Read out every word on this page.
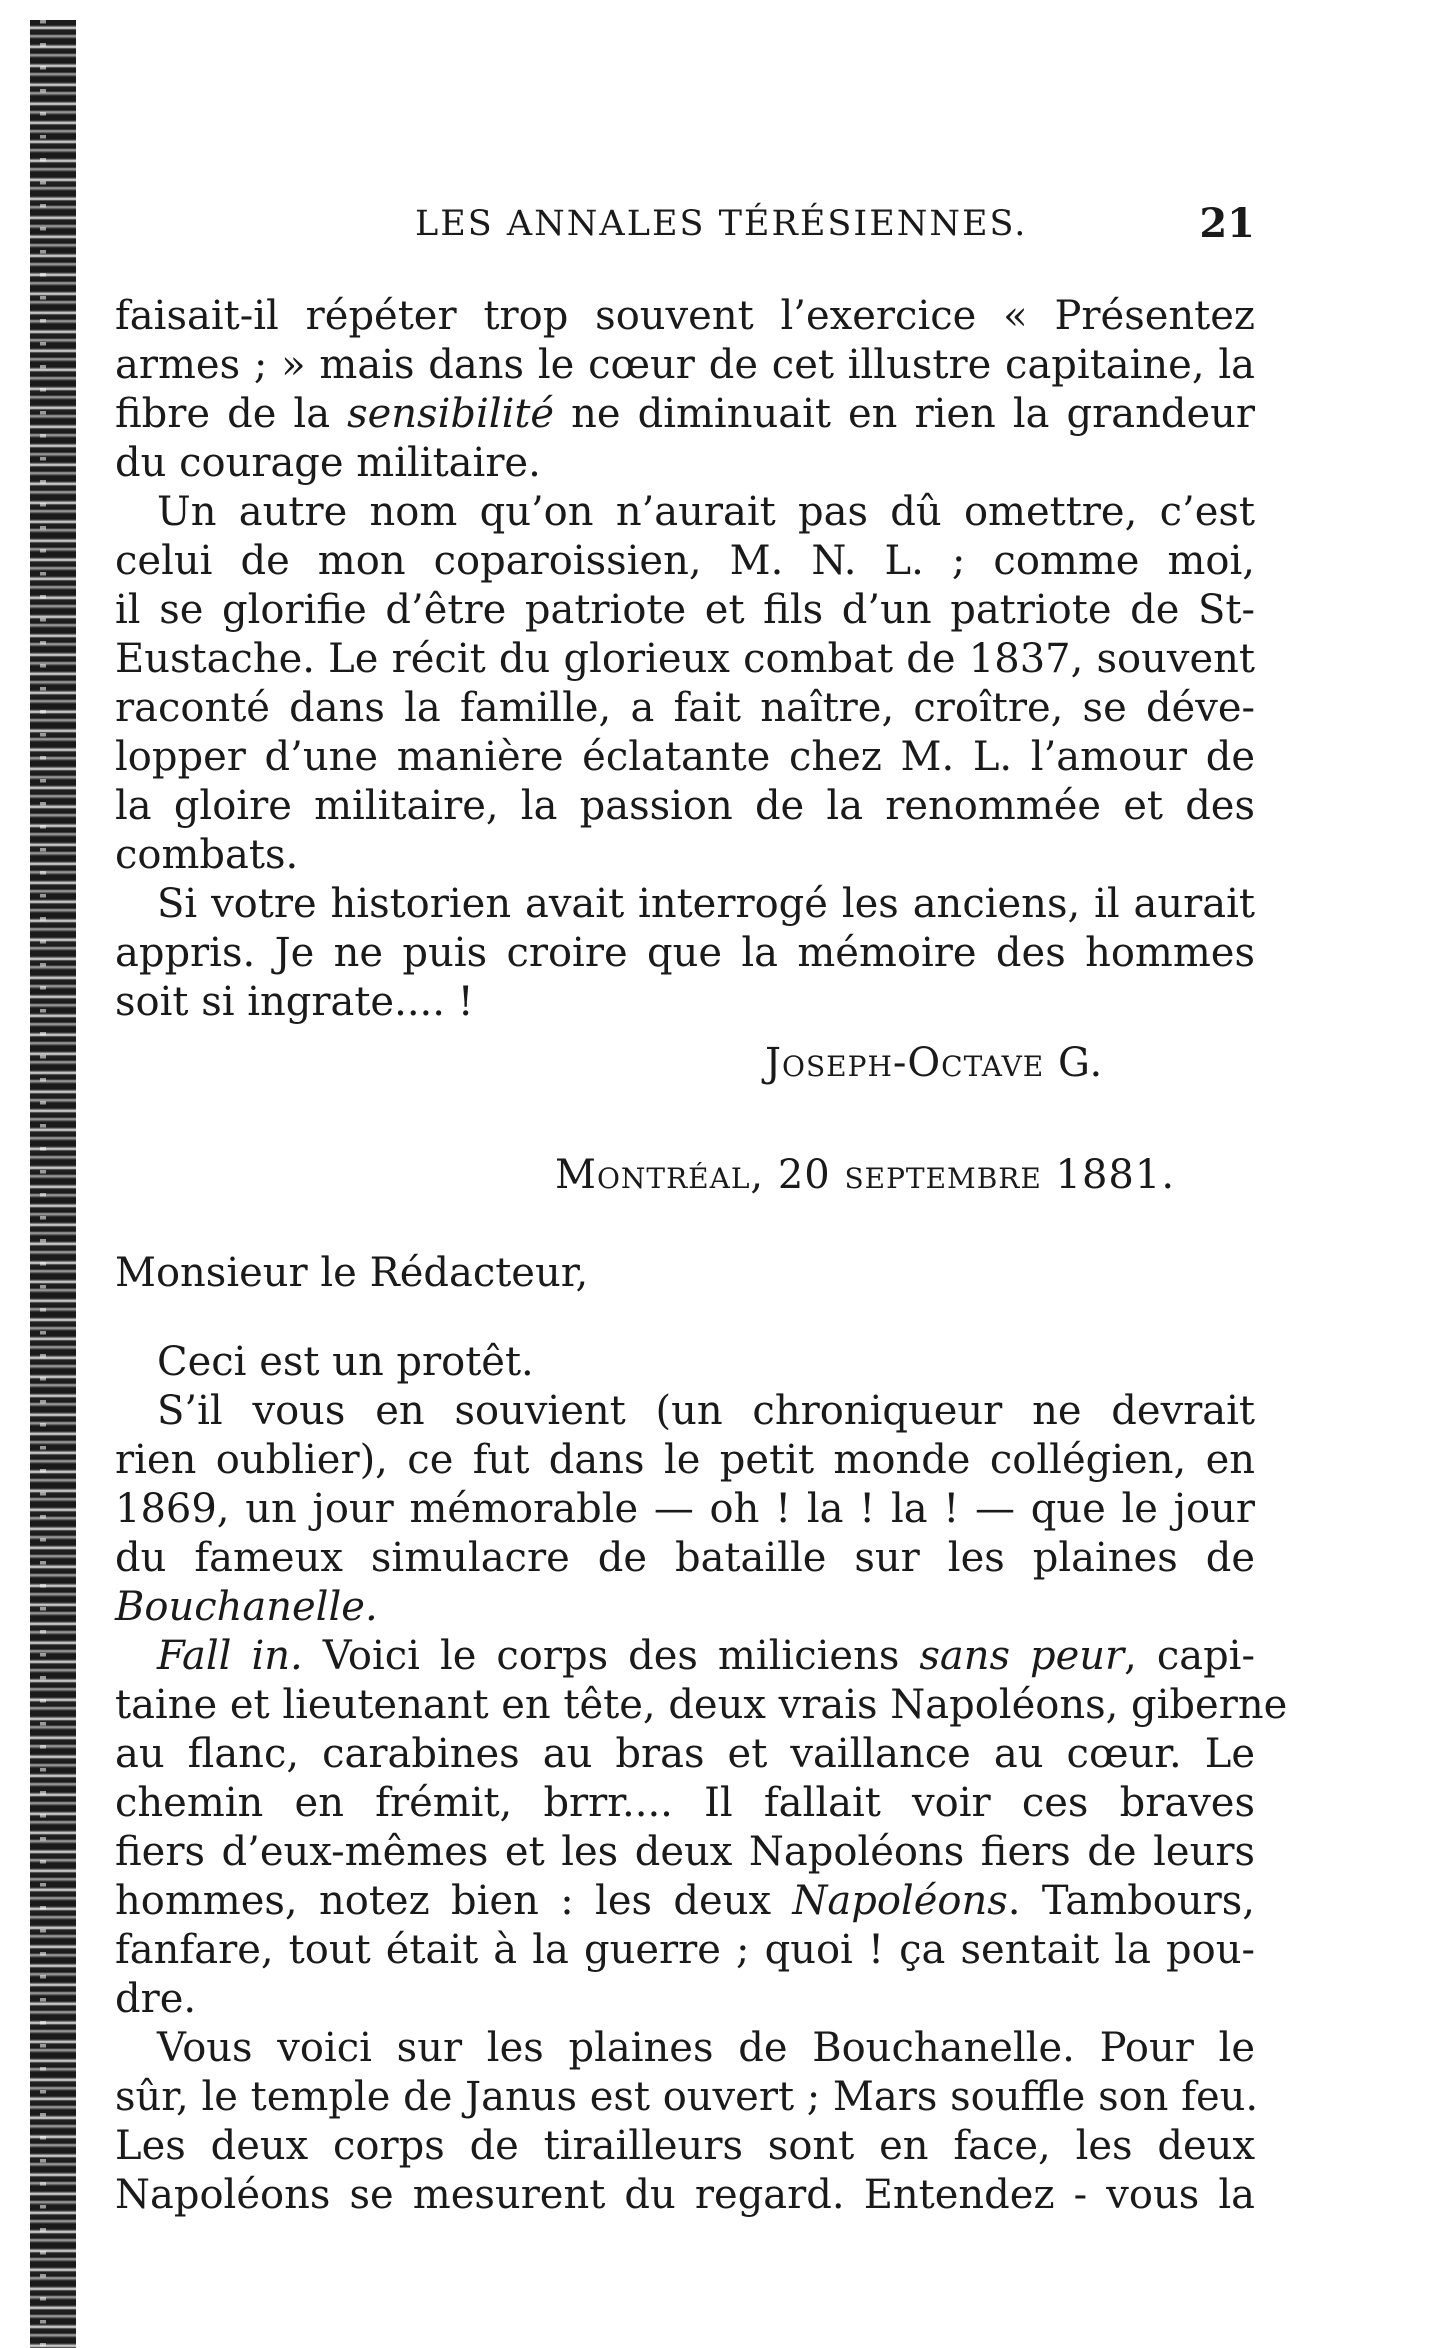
LES ANNALES TÉRÉSIENNES.	21
faisait-il répéter trop souvent l’exercice « Présentez
armes ; » mais dans le cœur de cet illustre capitaine, la
fibre de la sensibilité ne diminuait en rien la grandeur
du courage militaire.
Un autre nom qu’on n’aurait pas dû omettre, c’est
celui de mon coparoissien, M. N. L. ; comme moi,
il se glorifie d’être patriote et fils d’un patriote de St-
Eustache. Le récit du glorieux combat de 1837, souvent
raconté dans la famille, a fait naître, croître, se déve-
lopper d’une manière éclatante chez M. L. l’amour de
la gloire militaire, la passion de la renommée et des
combats.
Si votre historien avait interrogé les anciens, il aurait
appris. Je ne puis croire que la mémoire des hommes
soit si ingrate.... !
Joseph-Octave G.
Montréal, 20 septembre 1881.
Monsieur le Rédacteur,
Ceci est un protêt.
S’il vous en souvient (un chroniqueur ne devrait
rien oublier), ce fut dans le petit monde collégien, en
1869, un jour mémorable — oh ! la ! la ! — que le jour
du fameux simulacre de bataille sur les plaines de
Bouchanelle.
Fall in. Voici le corps des miliciens sans peur, capi-
taine et lieutenant en tête, deux vrais Napoléons, giberne
au flanc, carabines au bras et vaillance au cœur. Le
chemin en frémit, brrr.... Il fallait voir ces braves
fiers d’eux-mêmes et les deux Napoléons fiers de leurs
hommes, notez bien : les deux Napoléons. Tambours,
fanfare, tout était à la guerre ; quoi ! ça sentait la pou-
dre.
Vous voici sur les plaines de Bouchanelle. Pour le
sûr, le temple de Janus est ouvert ; Mars souffle son feu.
Les deux corps de tirailleurs sont en face, les deux
Napoléons se mesurent du regard. Entendez - vous la
